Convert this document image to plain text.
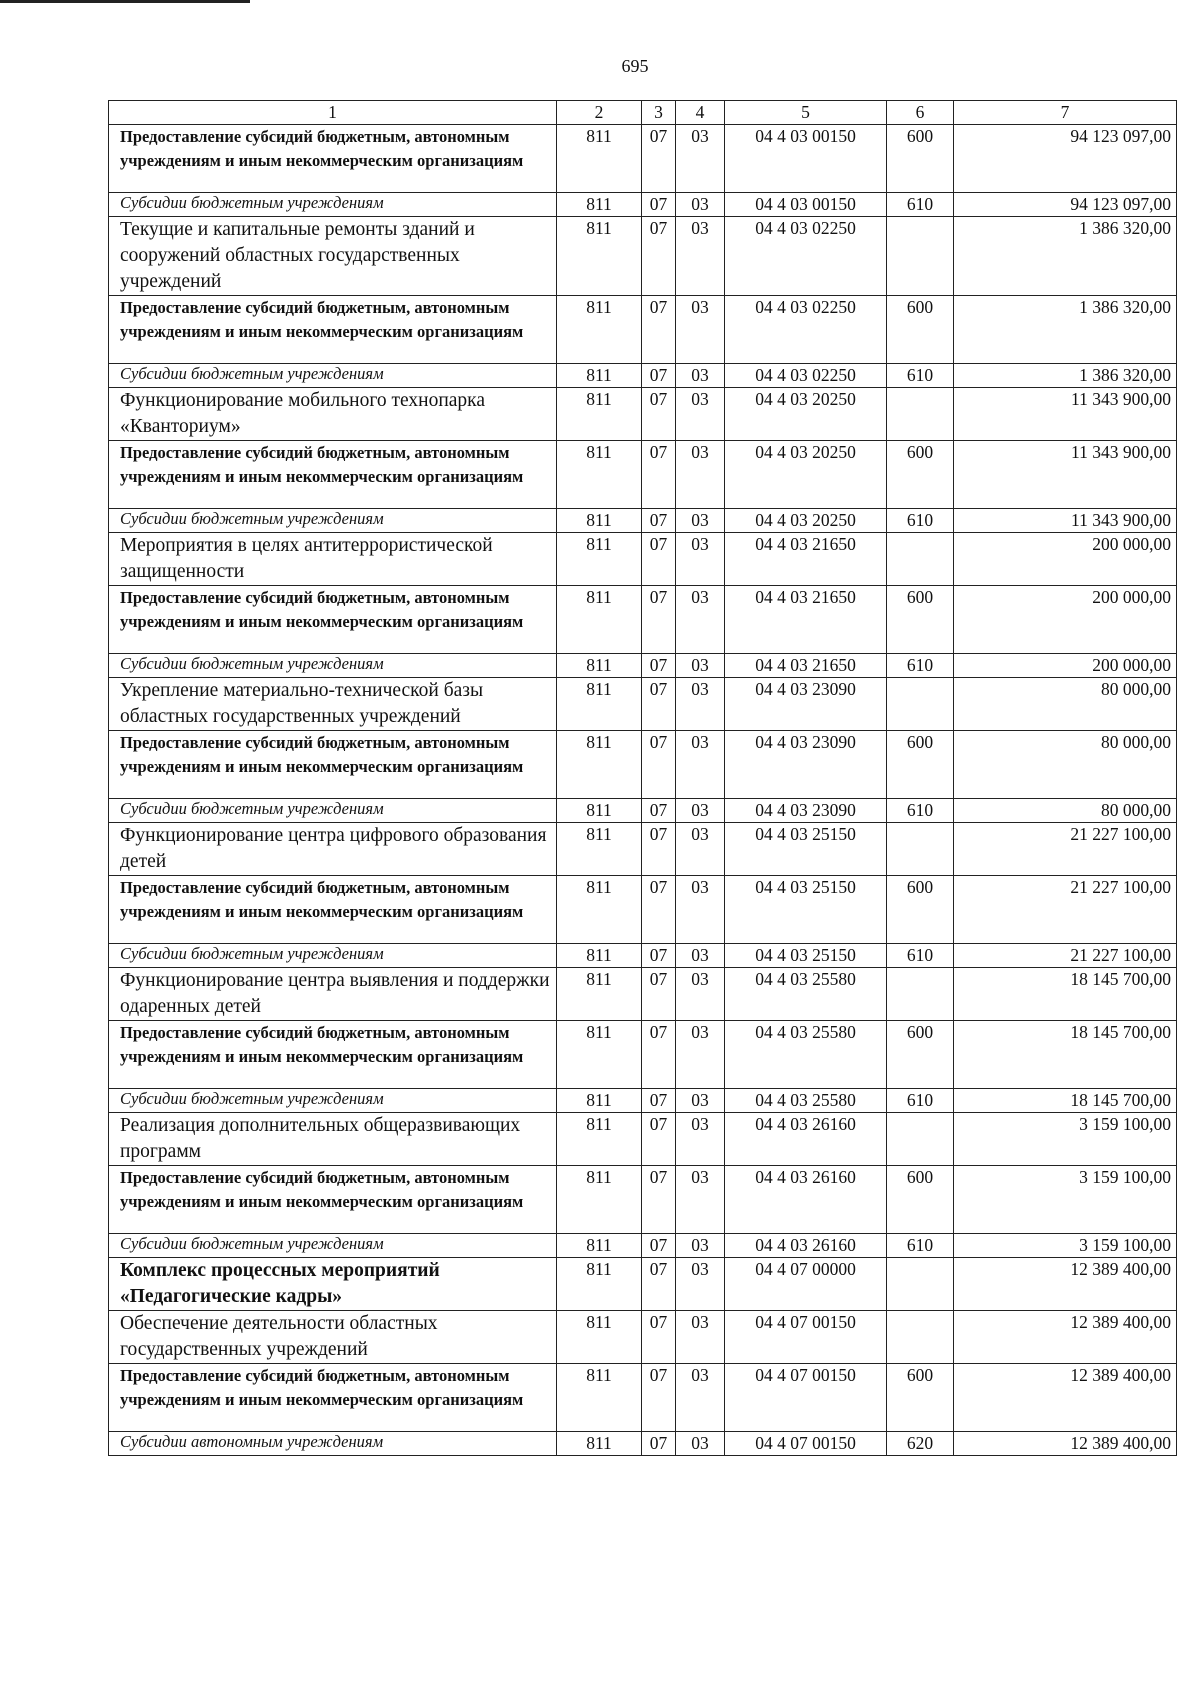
695
1	2	3	4	5	6	7
Предоставление субсидий бюджетным, автономным учреждениям и иным некоммерческим организациям	811	07	03	04 4 03 00150	600	94 123 097,00
Субсидии бюджетным учреждениям	811	07	03	04 4 03 00150	610	94 123 097,00
Текущие и капитальные ремонты зданий и сооружений областных государственных учреждений	811	07	03	04 4 03 02250		1 386 320,00
Предоставление субсидий бюджетным, автономным учреждениям и иным некоммерческим организациям	811	07	03	04 4 03 02250	600	1 386 320,00
Субсидии бюджетным учреждениям	811	07	03	04 4 03 02250	610	1 386 320,00
Функционирование мобильного технопарка «Кванториум»	811	07	03	04 4 03 20250		11 343 900,00
Предоставление субсидий бюджетным, автономным учреждениям и иным некоммерческим организациям	811	07	03	04 4 03 20250	600	11 343 900,00
Субсидии бюджетным учреждениям	811	07	03	04 4 03 20250	610	11 343 900,00
Мероприятия в целях антитеррористической защищенности	811	07	03	04 4 03 21650		200 000,00
Предоставление субсидий бюджетным, автономным учреждениям и иным некоммерческим организациям	811	07	03	04 4 03 21650	600	200 000,00
Субсидии бюджетным учреждениям	811	07	03	04 4 03 21650	610	200 000,00
Укрепление материально-технической базы областных государственных учреждений	811	07	03	04 4 03 23090		80 000,00
Предоставление субсидий бюджетным, автономным учреждениям и иным некоммерческим организациям	811	07	03	04 4 03 23090	600	80 000,00
Субсидии бюджетным учреждениям	811	07	03	04 4 03 23090	610	80 000,00
Функционирование центра цифрового образования детей	811	07	03	04 4 03 25150		21 227 100,00
Предоставление субсидий бюджетным, автономным учреждениям и иным некоммерческим организациям	811	07	03	04 4 03 25150	600	21 227 100,00
Субсидии бюджетным учреждениям	811	07	03	04 4 03 25150	610	21 227 100,00
Функционирование центра выявления и поддержки одаренных детей	811	07	03	04 4 03 25580		18 145 700,00
Предоставление субсидий бюджетным, автономным учреждениям и иным некоммерческим организациям	811	07	03	04 4 03 25580	600	18 145 700,00
Субсидии бюджетным учреждениям	811	07	03	04 4 03 25580	610	18 145 700,00
Реализация дополнительных общеразвивающих программ	811	07	03	04 4 03 26160		3 159 100,00
Предоставление субсидий бюджетным, автономным учреждениям и иным некоммерческим организациям	811	07	03	04 4 03 26160	600	3 159 100,00
Субсидии бюджетным учреждениям	811	07	03	04 4 03 26160	610	3 159 100,00
Комплекс процессных мероприятий «Педагогические кадры»	811	07	03	04 4 07 00000		12 389 400,00
Обеспечение деятельности областных государственных учреждений	811	07	03	04 4 07 00150		12 389 400,00
Предоставление субсидий бюджетным, автономным учреждениям и иным некоммерческим организациям	811	07	03	04 4 07 00150	600	12 389 400,00
Субсидии автономным учреждениям	811	07	03	04 4 07 00150	620	12 389 400,00
